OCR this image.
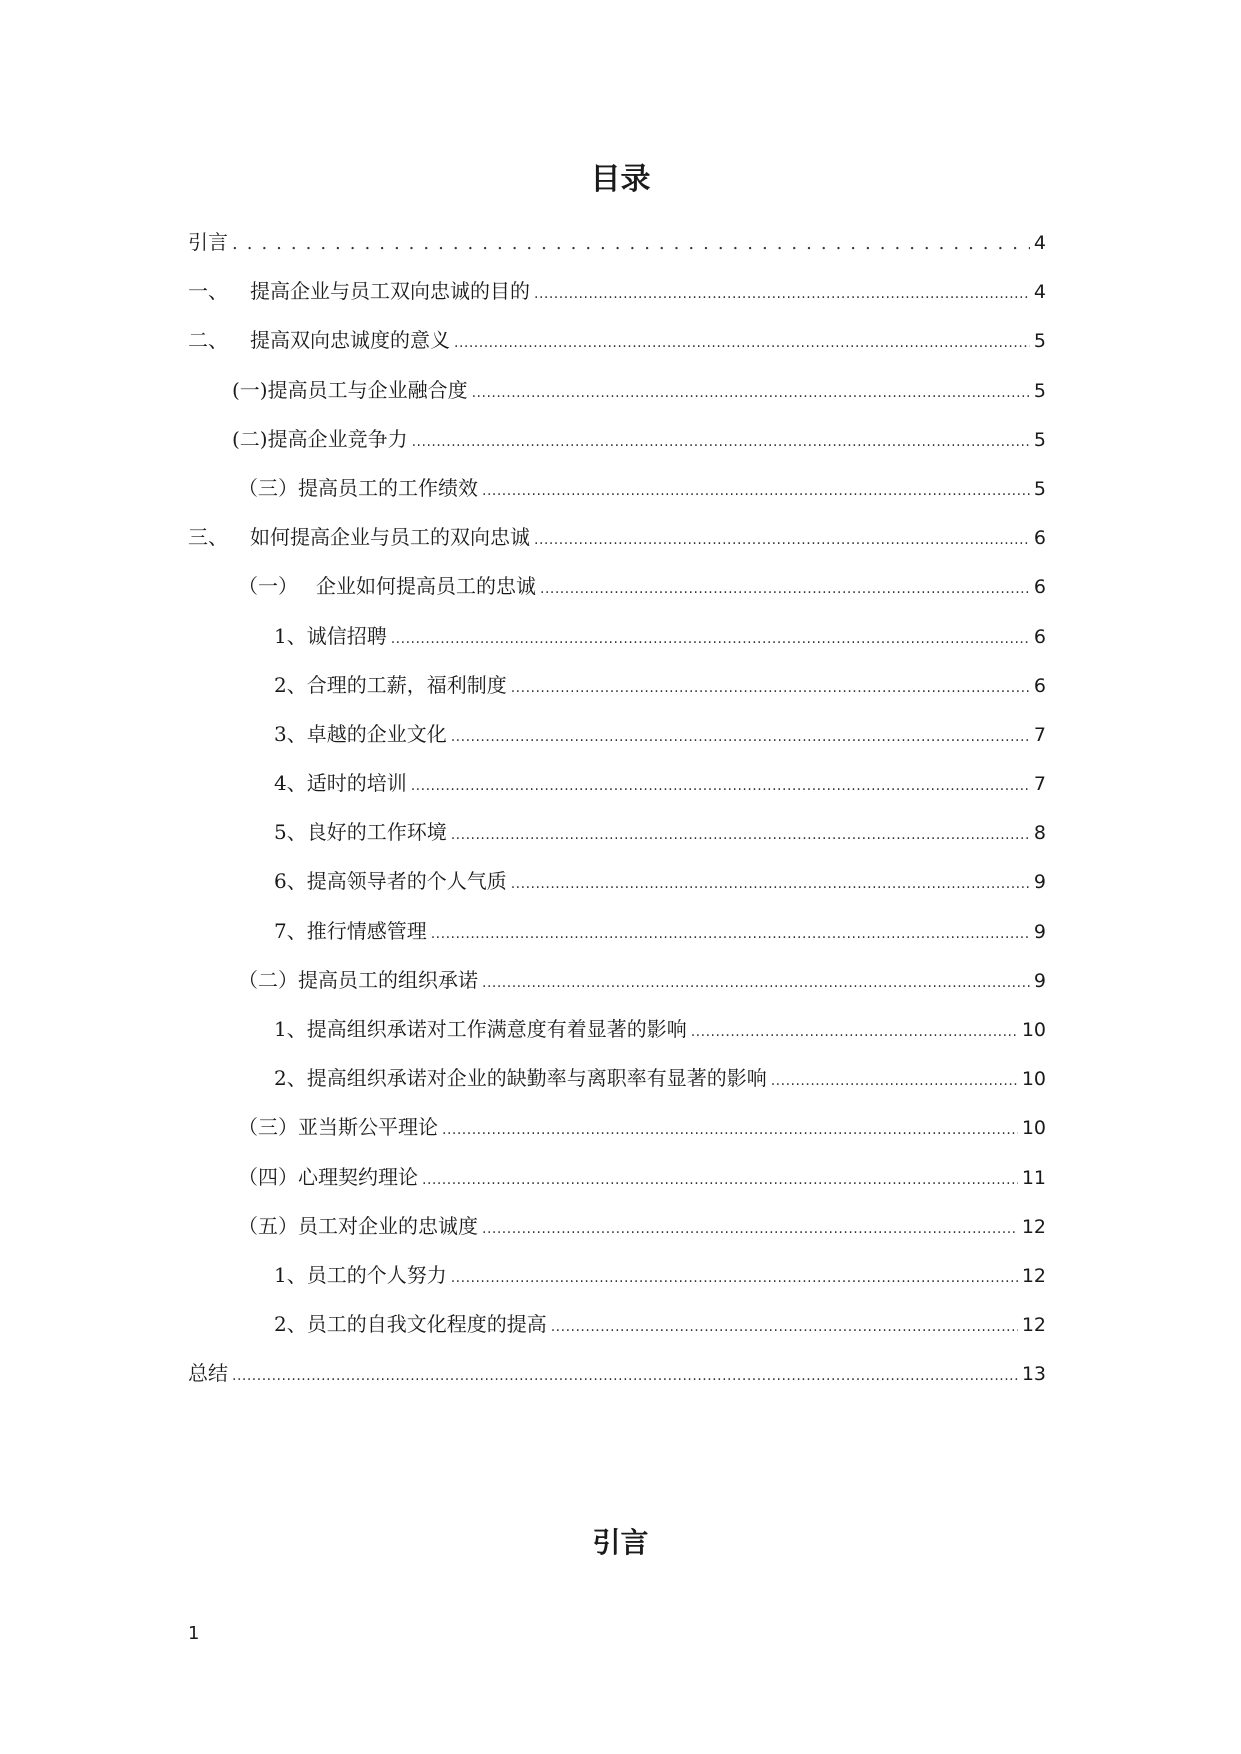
目录
引言 .....	4
一、 提高企业与员工双向忠诚的目的 .....	4
二、 提高双向忠诚度的意义 .....	5
(一)提高员工与企业融合度 .....	5
(二)提高企业竞争力 .....	5
（三）提高员工的工作绩效 .....	5
三、 如何提高企业与员工的双向忠诚 .....	6
（一） 企业如何提高员工的忠诚 .....	6
1、诚信招聘 .....	6
2、合理的工薪，福利制度 .....	6
3、卓越的企业文化 .....	7
4、适时的培训 .....	7
5、良好的工作环境 .....	8
6、提高领导者的个人气质 .....	9
7、推行情感管理 .....	9
（二）提高员工的组织承诺 .....	9
1、提高组织承诺对工作满意度有着显著的影响 .....	10
2、提高组织承诺对企业的缺勤率与离职率有显著的影响 .....	10
（三）亚当斯公平理论 .....	10
（四）心理契约理论 .....	11
（五）员工对企业的忠诚度 .....	12
1、员工的个人努力 .....	12
2、员工的自我文化程度的提高 .....	12
总结 .....	13
引言
1
